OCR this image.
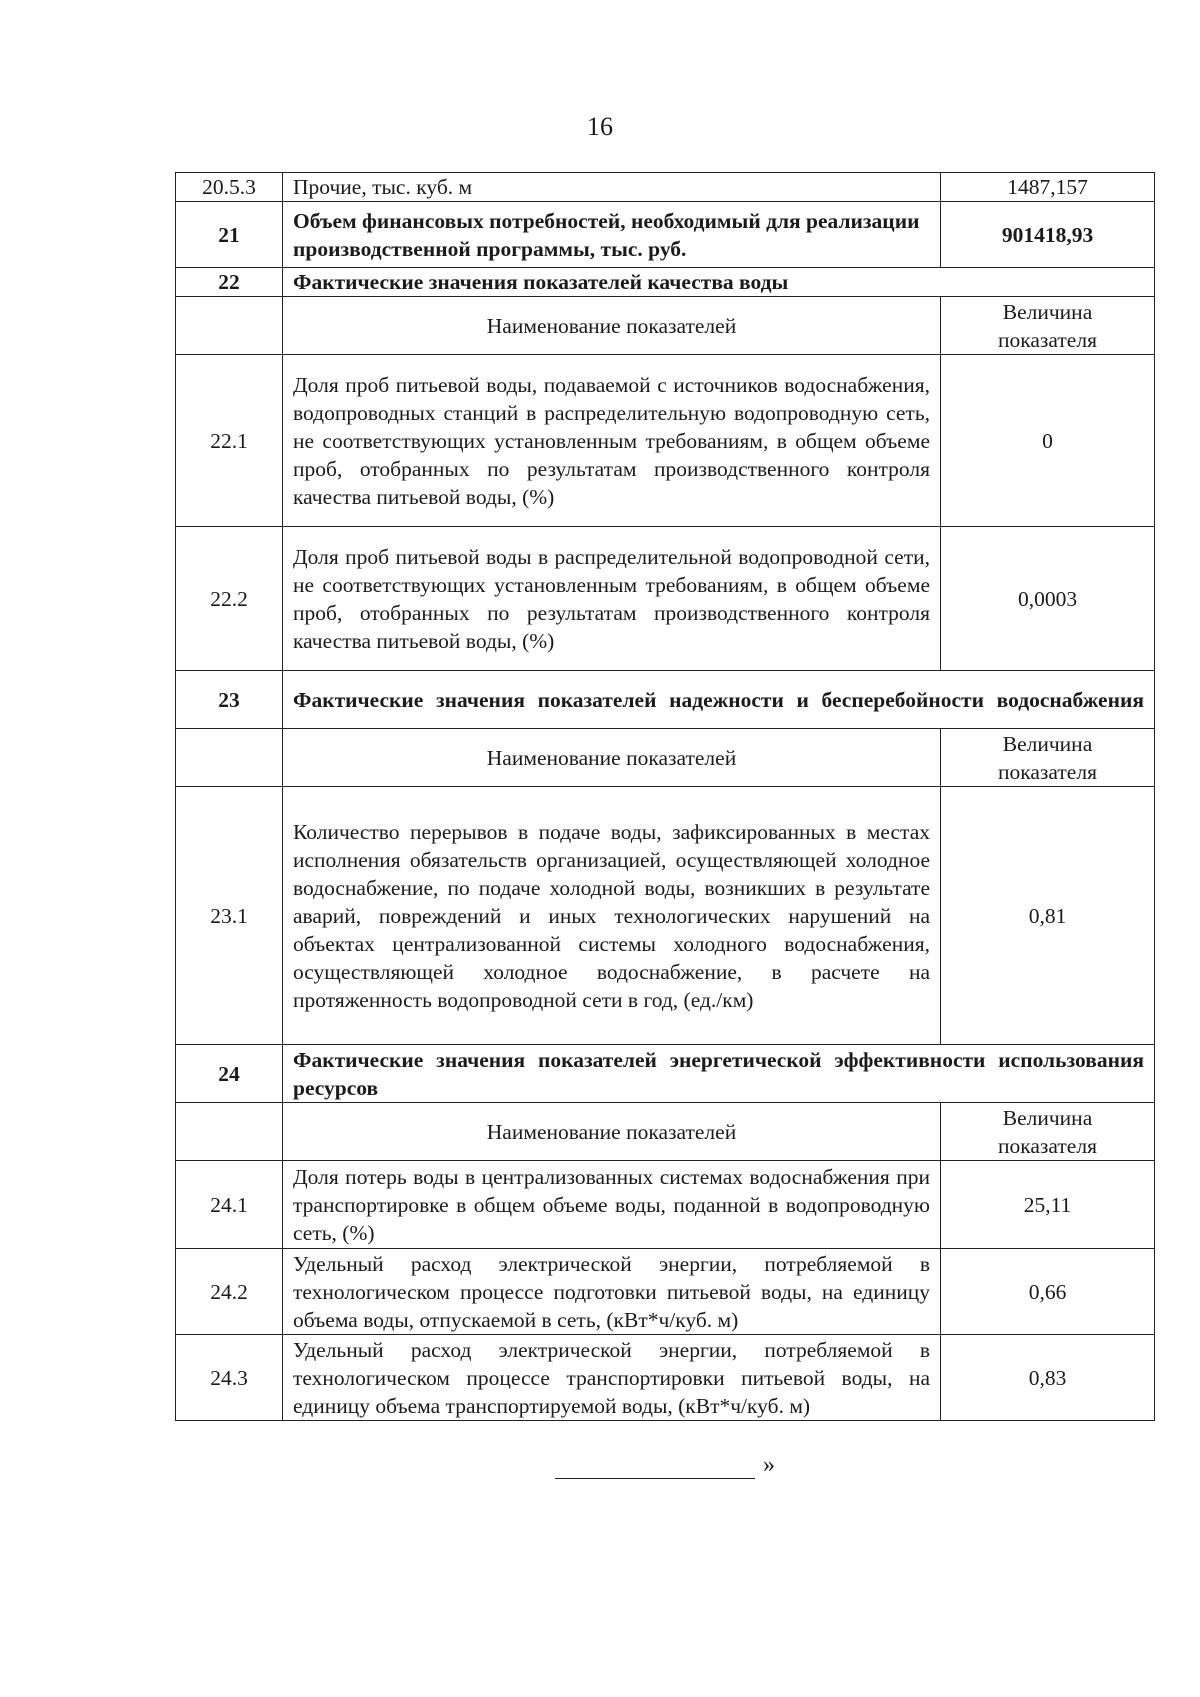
16
20.5.3	Прочие, тыс. куб. м	1487,157
21	Объем финансовых потребностей, необходимый для реализации производственной программы, тыс. руб.	901418,93
22	Фактические значения показателей качества воды	
	Наименование показателей	Величина показателя
22.1	Доля проб питьевой воды, подаваемой с источников водоснабжения, водопроводных станций в распределительную водопроводную сеть, не соответствующих установленным требованиям, в общем объеме проб, отобранных по результатам производственного контроля качества питьевой воды, (%)	0
22.2	Доля проб питьевой воды в распределительной водопроводной сети, не соответствующих установленным требованиям, в общем объеме проб, отобранных по результатам производственного контроля качества питьевой воды, (%)	0,0003
23	Фактические значения показателей надежности и бесперебойности водоснабжения	
	Наименование показателей	Величина показателя
23.1	Количество перерывов в подаче воды, зафиксированных в местах исполнения обязательств организацией, осуществляющей холодное водоснабжение, по подаче холодной воды, возникших в результате аварий, повреждений и иных технологических нарушений на объектах централизованной системы холодного водоснабжения, осуществляющей холодное водоснабжение, в расчете на протяженность водопроводной сети в год, (ед./км)	0,81
24	Фактические значения показателей энергетической эффективности использования ресурсов	
	Наименование показателей	Величина показателя
24.1	Доля потерь воды в централизованных системах водоснабжения при транспортировке в общем объеме воды, поданной в водопроводную сеть, (%)	25,11
24.2	Удельный расход электрической энергии, потребляемой в технологическом процессе подготовки питьевой воды, на единицу объема воды, отпускаемой в сеть, (кВт*ч/куб. м)	0,66
24.3	Удельный расход электрической энергии, потребляемой в технологическом процессе транспортировки питьевой воды, на единицу объема транспортируемой воды, (кВт*ч/куб. м)	0,83
»
